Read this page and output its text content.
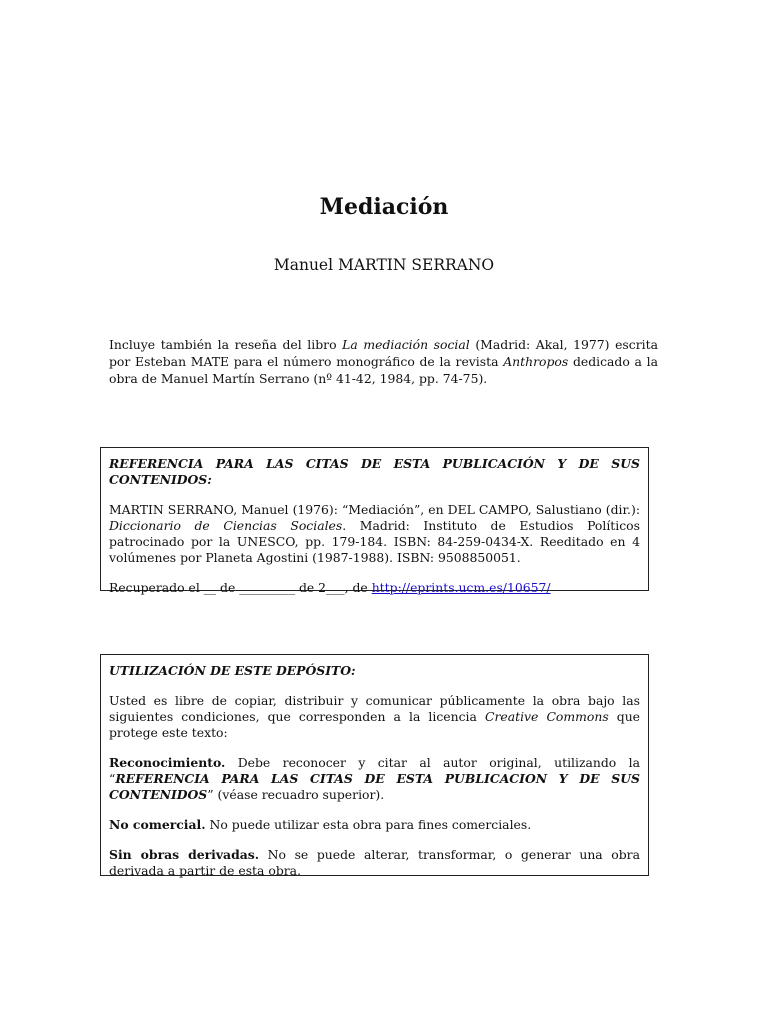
Mediación

Manuel MARTIN SERRANO

Incluye también la reseña del libro La mediación social (Madrid: Akal, 1977) escrita por Esteban MATE para el número monográfico de la revista Anthropos dedicado a la obra de Manuel Martín Serrano (nº 41-42, 1984, pp. 74-75).

REFERENCIA PARA LAS CITAS DE ESTA PUBLICACIÓN Y DE SUS CONTENIDOS:

MARTIN SERRANO, Manuel (1976): “Mediación”, en DEL CAMPO, Salustiano (dir.): Diccionario de Ciencias Sociales. Madrid: Instituto de Estudios Políticos patrocinado por la UNESCO, pp. 179-184. ISBN: 84-259-0434-X. Reeditado en 4 volúmenes por Planeta Agostini (1987-1988). ISBN: 9508850051.

Recuperado el __ de _________ de 2___, de http://eprints.ucm.es/10657/

UTILIZACIÓN DE ESTE DEPÓSITO:

Usted es libre de copiar, distribuir y comunicar públicamente la obra bajo las siguientes condiciones, que corresponden a la licencia Creative Commons que protege este texto:

Reconocimiento. Debe reconocer y citar al autor original, utilizando la “REFERENCIA PARA LAS CITAS DE ESTA PUBLICACION Y DE SUS CONTENIDOS” (véase recuadro superior).

No comercial. No puede utilizar esta obra para fines comerciales.

Sin obras derivadas. No se puede alterar, transformar, o generar una obra derivada a partir de esta obra.
